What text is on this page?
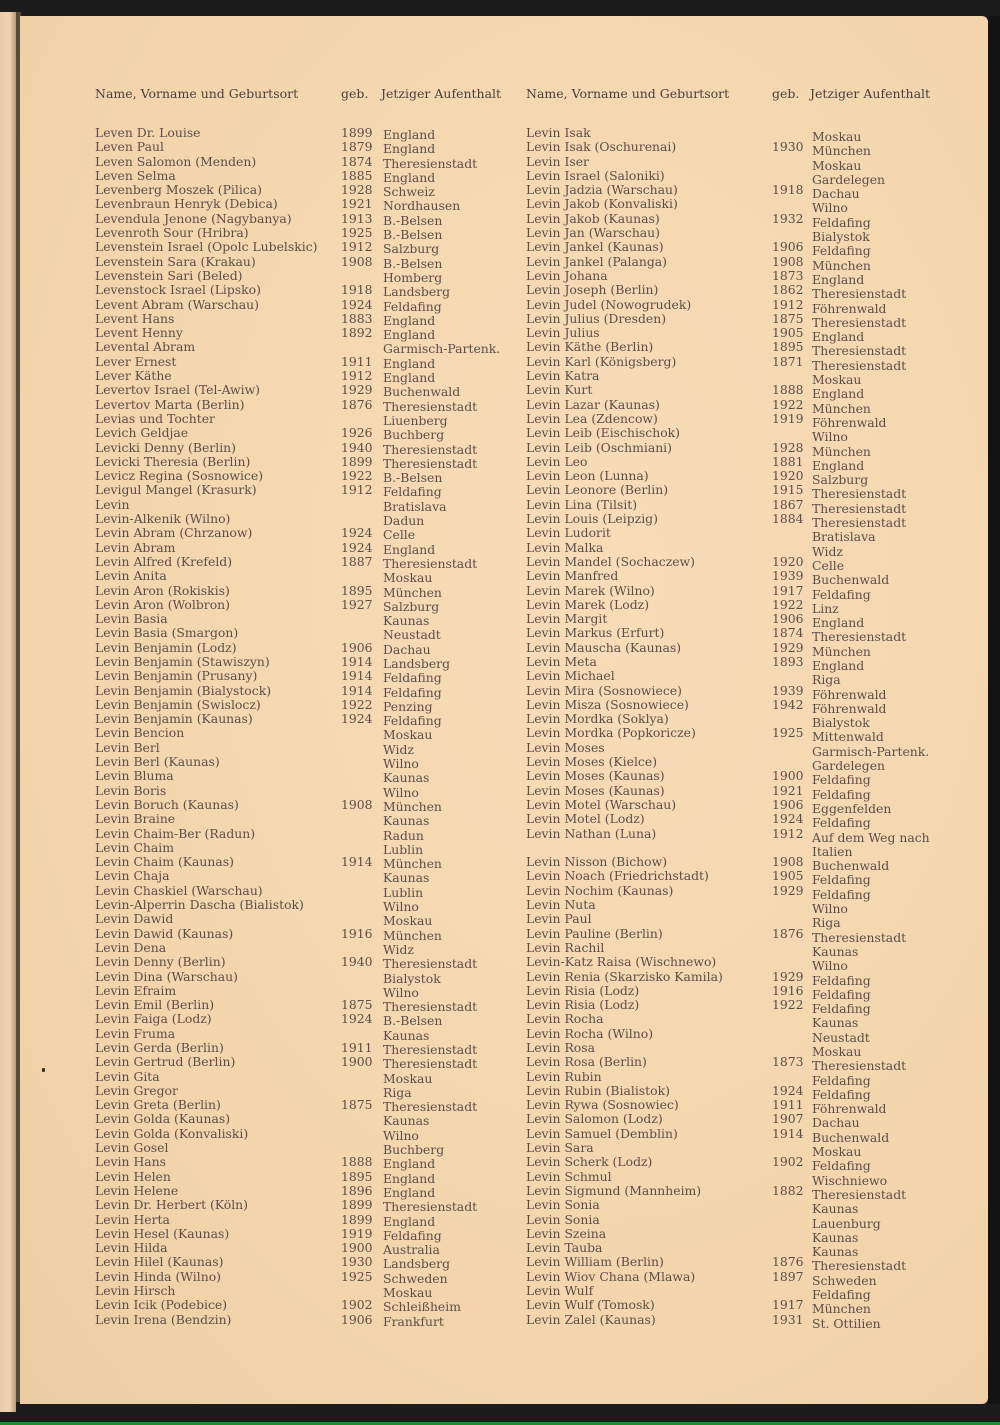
Name, Vorname und Geburtsort	geb.	Jetziger Aufenthalt
Leven Dr. Louise	1899 England
Leven Paul	1879 England
Leven Salomon (Menden)	1874 Theresienstadt
Leven Selma	1885 England
Levenberg Moszek (Pilica)	1928 Schweiz
Levenbraun Henryk (Debica)	1921 Nordhausen
Levendula Jenone (Nagybanya)	1913 B.-Belsen
Levenroth Sour (Hribra)	1925 B.-Belsen
Levenstein Israel (Opolc Lubelskic)	1912 Salzburg
Levenstein Sara (Krakau)	1908 B.-Belsen
Levenstein Sari (Beled)	Homberg
Levenstock Israel (Lipsko)	1918 Landsberg
Levent Abram (Warschau)	1924 Feldafing
Levent Hans	1883 England
Levent Henny	1892 England
Levental Abram	Garmisch-Partenk.
Lever Ernest	1911 England
Lever Käthe	1912 England
Levertov Israel (Tel-Awiw)	1929 Buchenwald
Levertov Marta (Berlin)	1876 Theresienstadt
Levias und Tochter	Liuenberg
Levich Geldjae	1926 Buchberg
Levicki Denny (Berlin)	1940 Theresienstadt
Levicki Theresia (Berlin)	1899 Theresienstadt
Levicz Regina (Sosnowice)	1922 B.-Belsen
Levigul Mangel (Krasurk)	1912 Feldafing
Levin	Bratislava
Levin-Alkenik (Wilno)	Dadun
Levin Abram (Chrzanow)	1924 Celle
Levin Abram	1924 England
Levin Alfred (Krefeld)	1887 Theresienstadt
Levin Anita	Moskau
Levin Aron (Rokiskis)	1895 München
Levin Aron (Wolbron)	1927 Salzburg
Levin Basia	Kaunas
Levin Basia (Smargon)	Neustadt
Levin Benjamin (Lodz)	1906 Dachau
Levin Benjamin (Stawiszyn)	1914 Landsberg
Levin Benjamin (Prusany)	1914 Feldafing
Levin Benjamin (Bialystock)	1914 Feldafing
Levin Benjamin (Swislocz)	1922 Penzing
Levin Benjamin (Kaunas)	1924 Feldafing
Levin Bencion	Moskau
Levin Berl	Widz
Levin Berl (Kaunas)	Wilno
Levin Bluma	Kaunas
Levin Boris	Wilno
Levin Boruch (Kaunas)	1908 München
Levin Braine	Kaunas
Levin Chaim-Ber (Radun)	Radun
Levin Chaim	Lublin
Levin Chaim (Kaunas)	1914 München
Levin Chaja	Kaunas
Levin Chaskiel (Warschau)	Lublin
Levin-Alperrin Dascha (Bialistok)	Wilno
Levin Dawid	Moskau
Levin Dawid (Kaunas)	1916 München
Levin Dena	Widz
Levin Denny (Berlin)	1940 Theresienstadt
Levin Dina (Warschau)	Bialystok
Levin Efraim	Wilno
Levin Emil (Berlin)	1875 Theresienstadt
Levin Faiga (Lodz)	1924 B.-Belsen
Levin Fruma	Kaunas
Levin Gerda (Berlin)	1911 Theresienstadt
Levin Gertrud (Berlin)	1900 Theresienstadt
Levin Gita	Moskau
Levin Gregor	Riga
Levin Greta (Berlin)	1875 Theresienstadt
Levin Golda (Kaunas)	Kaunas
Levin Golda (Konvaliski)	Wilno
Levin Gosel	Buchberg
Levin Hans	1888 England
Levin Helen	1895 England
Levin Helene	1896 England
Levin Dr. Herbert (Köln)	1899 Theresienstadt
Levin Herta	1899 England
Levin Hesel (Kaunas)	1919 Feldafing
Levin Hilda	1900 Australia
Levin Hilel (Kaunas)	1930 Landsberg
Levin Hinda (Wilno)	1925 Schweden
Levin Hirsch	Moskau
Levin Icik (Podebice)	1902 Schleißheim
Levin Irena (Bendzin)	1906 Frankfurt
Name, Vorname und Geburtsort	geb. Jetziger Aufenthalt
Levin Isak	Moskau
Levin Isak (Oschurenai)	1930 München
Levin Iser	Moskau
Levin Israel (Saloniki)	Gardelegen
Levin Jadzia (Warschau)	1918 Dachau
Levin Jakob (Konvaliski)	Wilno
Levin Jakob (Kaunas)	1932 Feldafing
Levin Jan (Warschau)	Bialystok
Levin Jankel (Kaunas)	1906 Feldafing
Levin Jankel (Palanga)	1908 München
Levin Johana	1873 England
Levin Joseph (Berlin)	1862 Theresienstadt
Levin Judel (Nowogrudek)	1912 Föhrenwald
Levin Julius (Dresden)	1875 Theresienstadt
Levin Julius	1905 England
Levin Käthe (Berlin)	1895 Theresienstadt
Levin Karl (Königsberg)	1871 Theresienstadt
Levin Katra	Moskau
Levin Kurt	1888 England
Levin Lazar (Kaunas)	1922 München
Levin Lea (Zdencow)	1919 Föhrenwald
Levin Leib (Eischischok)	Wilno
Levin Leib (Oschmiani)	1928 München
Levin Leo	1881 England
Levin Leon (Lunna)	1920 Salzburg
Levin Leonore (Berlin)	1915 Theresienstadt
Levin Lina (Tilsit)	1867 Theresienstadt
Levin Louis (Leipzig)	1884 Theresienstadt
Levin Ludorit	Bratislava
Levin Malka	Widz
Levin Mandel (Sochaczew)	1920 Celle
Levin Manfred	1939 Buchenwald
Levin Marek (Wilno)	1917 Feldafing
Levin Marek (Lodz)	1922 Linz
Levin Margit	1906 England
Levin Markus (Erfurt)	1874 Theresienstadt
Levin Mauscha (Kaunas)	1929 München
Levin Meta	1893 England
Levin Michael	Riga
Levin Mira (Sosnowiece)	1939 Föhrenwald
Levin Misza (Sosnowiece)	1942 Föhrenwald
Levin Mordka (Soklya)	Bialystok
Levin Mordka (Popkoricze)	1925 Mittenwald
Levin Moses	Garmisch-Partenk.
Levin Moses (Kielce)	Gardelegen
Levin Moses (Kaunas)	1900 Feldafing
Levin Moses (Kaunas)	1921 Feldafing
Levin Motel (Warschau)	1906 Eggenfelden
Levin Motel (Lodz)	1924 Feldafing
Levin Nathan (Luna)	1912 Auf dem Weg nach
Italien
Levin Nisson (Bichow)	1908 Buchenwald
Levin Noach (Friedrichstadt)	1905 Feldafing
Levin Nochim (Kaunas)	1929 Feldafing
Levin Nuta	Wilno
Levin Paul	Riga
Levin Pauline (Berlin)	1876 Theresienstadt
Levin Rachil	Kaunas
Levin-Katz Raisa (Wischnewo)	Wilno
Levin Renia (Skarzisko Kamila)	1929 Feldafing
Levin Risia (Lodz)	1916 Feldafing
Levin Risia (Lodz)	1922 Feldafing
Levin Rocha	Kaunas
Levin Rocha (Wilno)	Neustadt
Levin Rosa	Moskau
Levin Rosa (Berlin)	1873 Theresienstadt
Levin Rubin	Feldafing
Levin Rubin (Bialistok)	1924 Feldafing
Levin Rywa (Sosnowiec)	1911 Föhrenwald
Levin Salomon (Lodz)	1907 Dachau
Levin Samuel (Demblin)	1914 Buchenwald
Levin Sara	Moskau
Levin Scherk (Lodz)	1902 Feldafing
Levin Schmul	Wischniewo
Levin Sigmund (Mannheim)	1882 Theresienstadt
Levin Sonia	Kaunas
Levin Sonia	Lauenburg
Levin Szeina	Kaunas
Levin Tauba	Kaunas
Levin William (Berlin)	1876 Theresienstadt
Levin Wiov Chana (Mlawa)	1897 Schweden
Levin Wulf	Feldafing
Levin Wulf (Tomosk)	1917 München
Levin Zalel (Kaunas)	1931 St. Ottilien
